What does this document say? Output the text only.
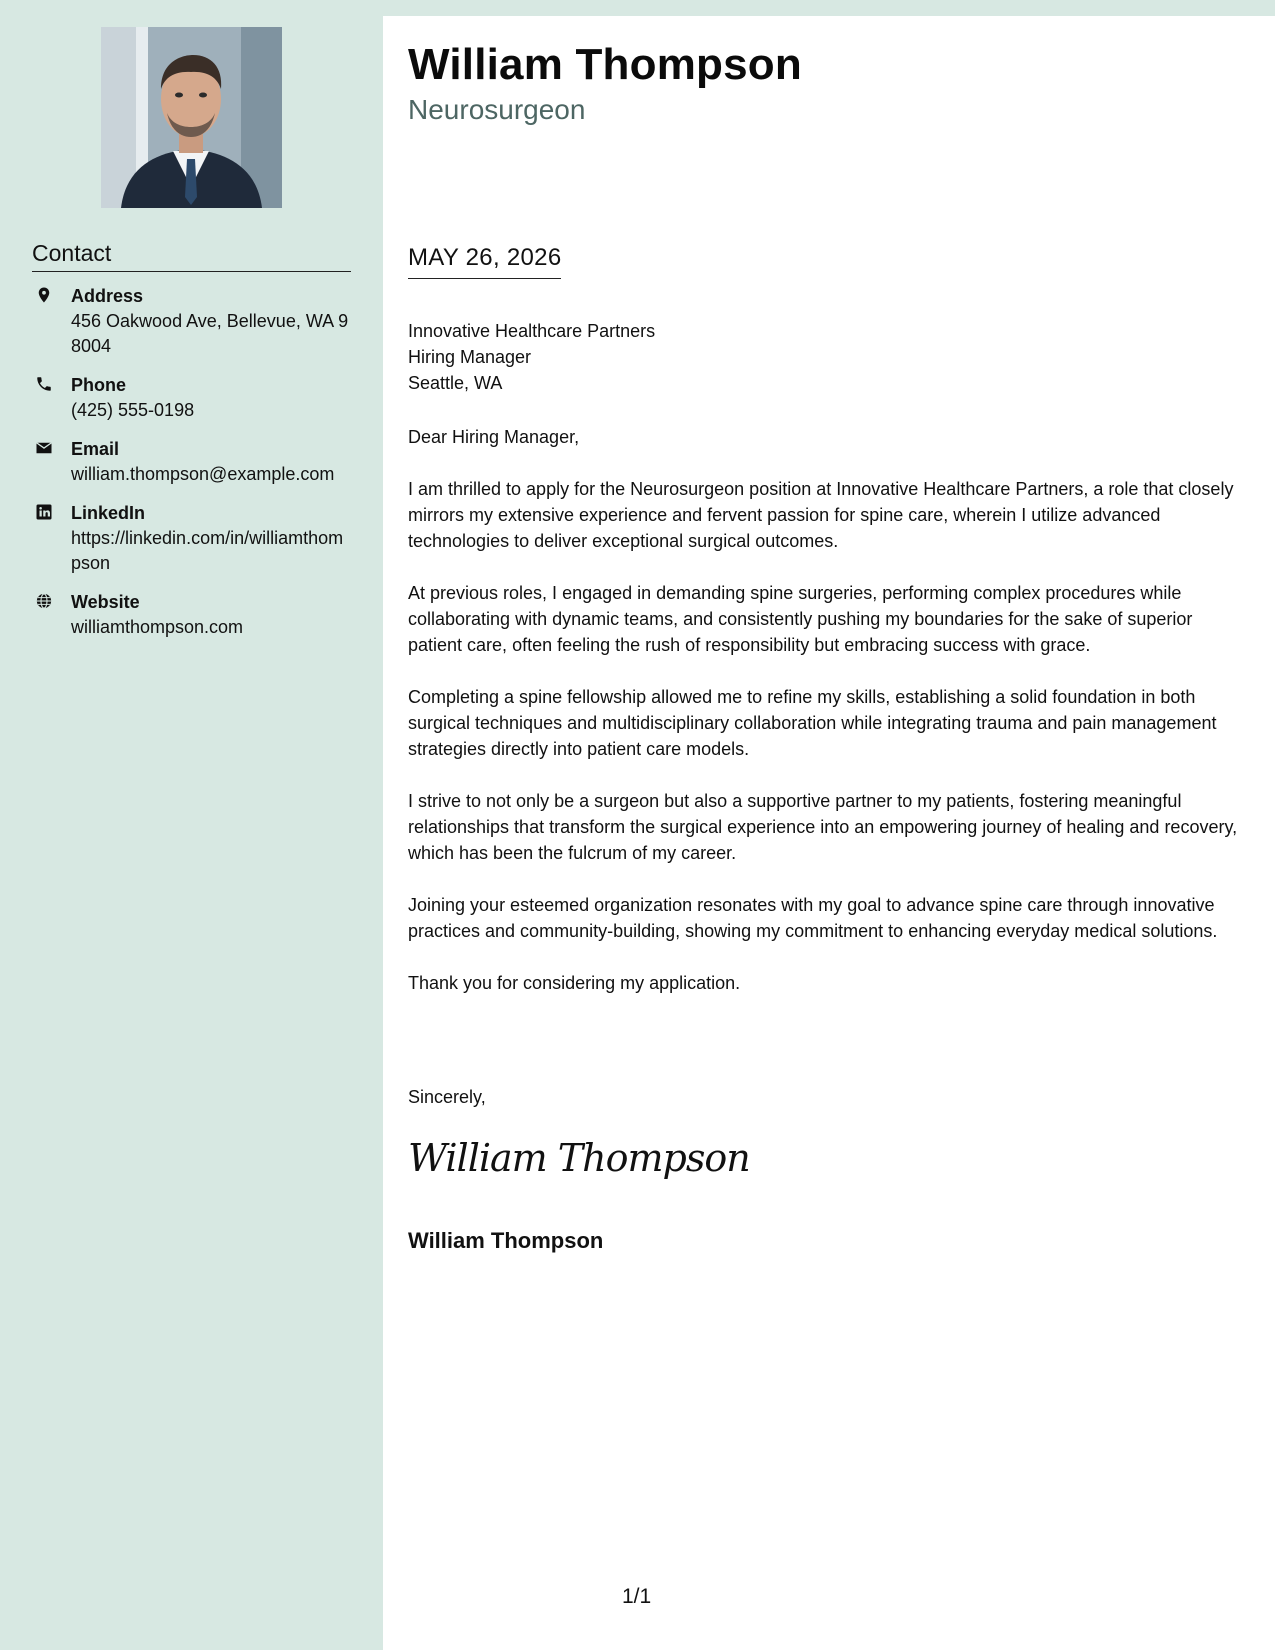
Contact
Address
456 Oakwood Ave, Bellevue, WA 98004
Phone
(425) 555-0198
Email
william.thompson@example.com
LinkedIn
https://linkedin.com/in/williamthompson
Website
williamthompson.com
William Thompson
Neurosurgeon
MAY 26, 2026
Innovative Healthcare Partners
Hiring Manager
Seattle, WA

Dear Hiring Manager,

I am thrilled to apply for the Neurosurgeon position at Innovative Healthcare Partners, a role that closely mirrors my extensive experience and fervent passion for spine care, wherein I utilize advanced technologies to deliver exceptional surgical outcomes.

At previous roles, I engaged in demanding spine surgeries, performing complex procedures while collaborating with dynamic teams, and consistently pushing my boundaries for the sake of superior patient care, often feeling the rush of responsibility but embracing success with grace.

Completing a spine fellowship allowed me to refine my skills, establishing a solid foundation in both surgical techniques and multidisciplinary collaboration while integrating trauma and pain management strategies directly into patient care models.

I strive to not only be a surgeon but also a supportive partner to my patients, fostering meaningful relationships that transform the surgical experience into an empowering journey of healing and recovery, which has been the fulcrum of my career.

Joining your esteemed organization resonates with my goal to advance spine care through innovative practices and community-building, showing my commitment to enhancing everyday medical solutions.

Thank you for considering my application.

Sincerely,
William Thompson
William Thompson
1/1
